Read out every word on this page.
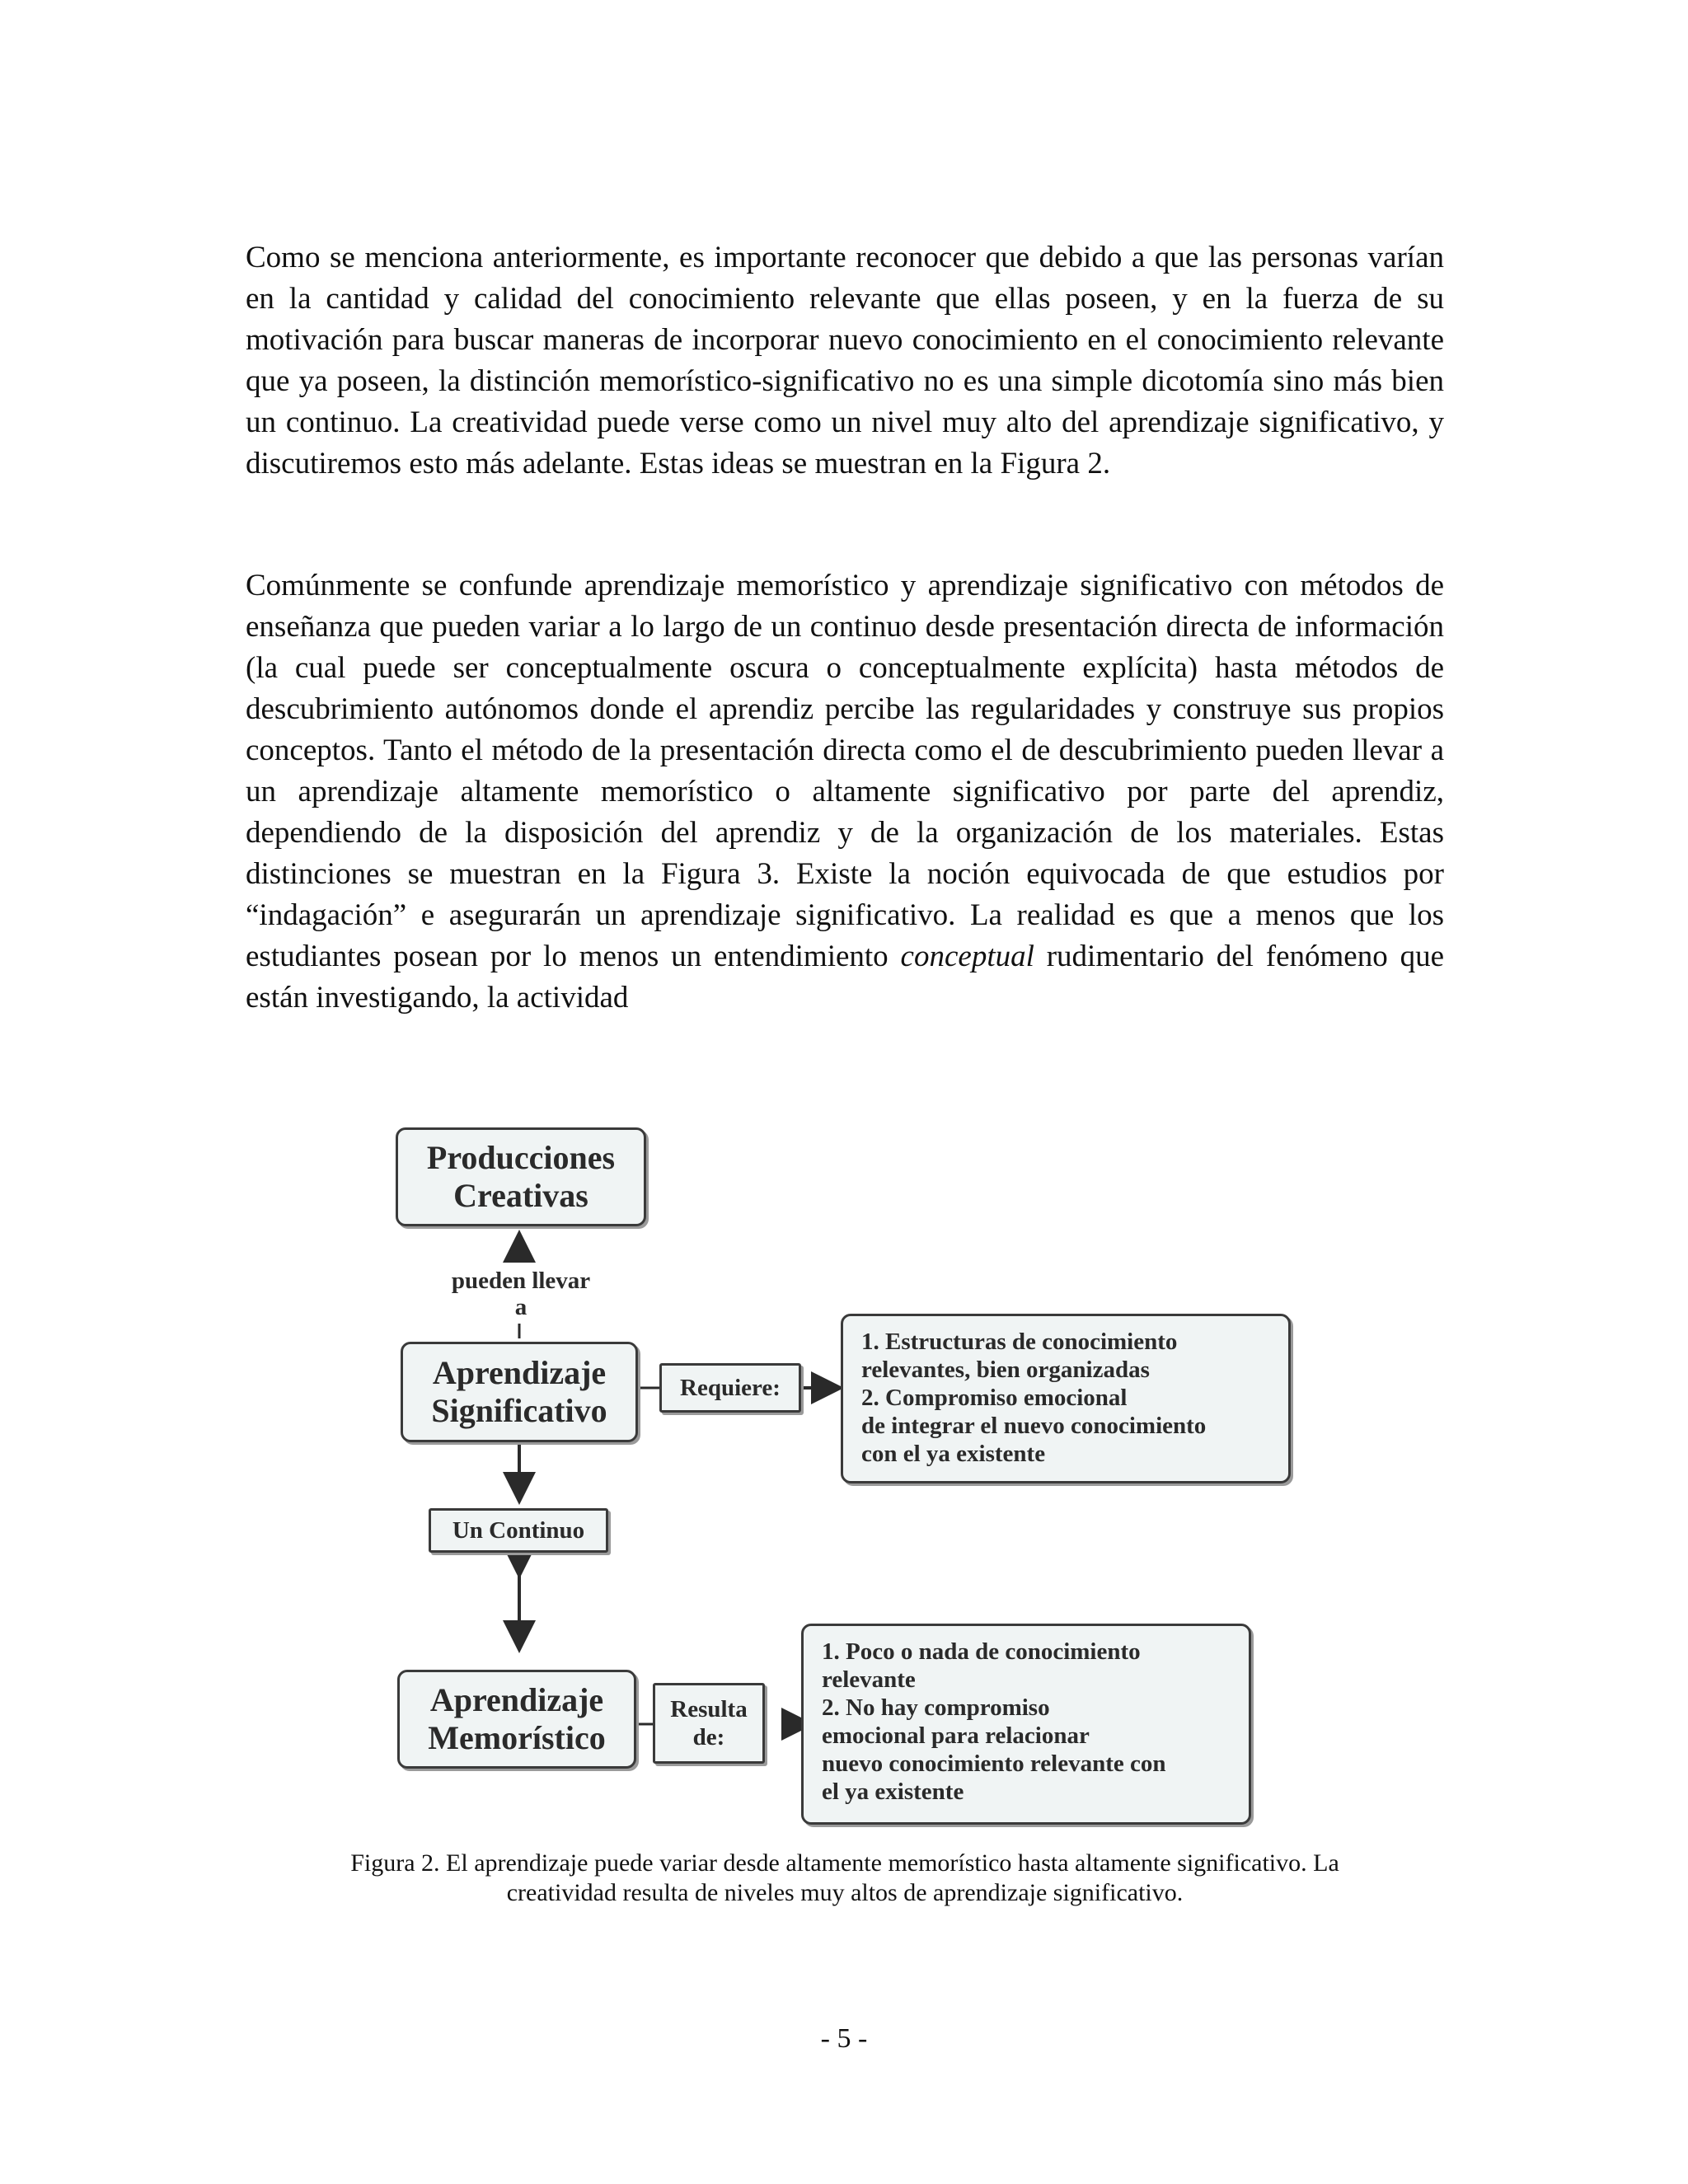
Como se menciona anteriormente, es importante reconocer que debido a que las personas varían en la cantidad y calidad del conocimiento relevante que ellas poseen, y en la fuerza de su motivación para buscar maneras de incorporar nuevo conocimiento en el conocimiento relevante que ya poseen, la distinción memorístico-significativo no es una simple dicotomía sino más bien un continuo. La creatividad puede verse como un nivel muy alto del aprendizaje significativo, y discutiremos esto más adelante. Estas ideas se muestran en la Figura 2.

Comúnmente se confunde aprendizaje memorístico y aprendizaje significativo con métodos de enseñanza que pueden variar a lo largo de un continuo desde presentación directa de información (la cual puede ser conceptualmente oscura o conceptualmente explícita) hasta métodos de descubrimiento autónomos donde el aprendiz percibe las regularidades y construye sus propios conceptos. Tanto el método de la presentación directa como el de descubrimiento pueden llevar a un aprendizaje altamente memorístico o altamente significativo por parte del aprendiz, dependiendo de la disposición del aprendiz y de la organización de los materiales. Estas distinciones se muestran en la Figura 3. Existe la noción equivocada de que estudios por “indagación” e asegurarán un aprendizaje significativo. La realidad es que a menos que los estudiantes posean por lo menos un entendimiento conceptual rudimentario del fenómeno que están investigando, la actividad

Producciones
Creativas
pueden llevar
a
Aprendizaje
Significativo
Requiere:
1. Estructuras de conocimiento
relevantes, bien organizadas
2. Compromiso emocional
de integrar el nuevo conocimiento
con el ya existente
Un Continuo
Aprendizaje
Memorístico
Resulta
de:
1. Poco o nada de conocimiento
relevante
2. No hay compromiso
emocional para relacionar
nuevo conocimiento relevante con
el ya existente
Figura 2. El aprendizaje puede variar desde altamente memorístico hasta altamente significativo. La
creatividad resulta de niveles muy altos de aprendizaje significativo.
- 5 -
